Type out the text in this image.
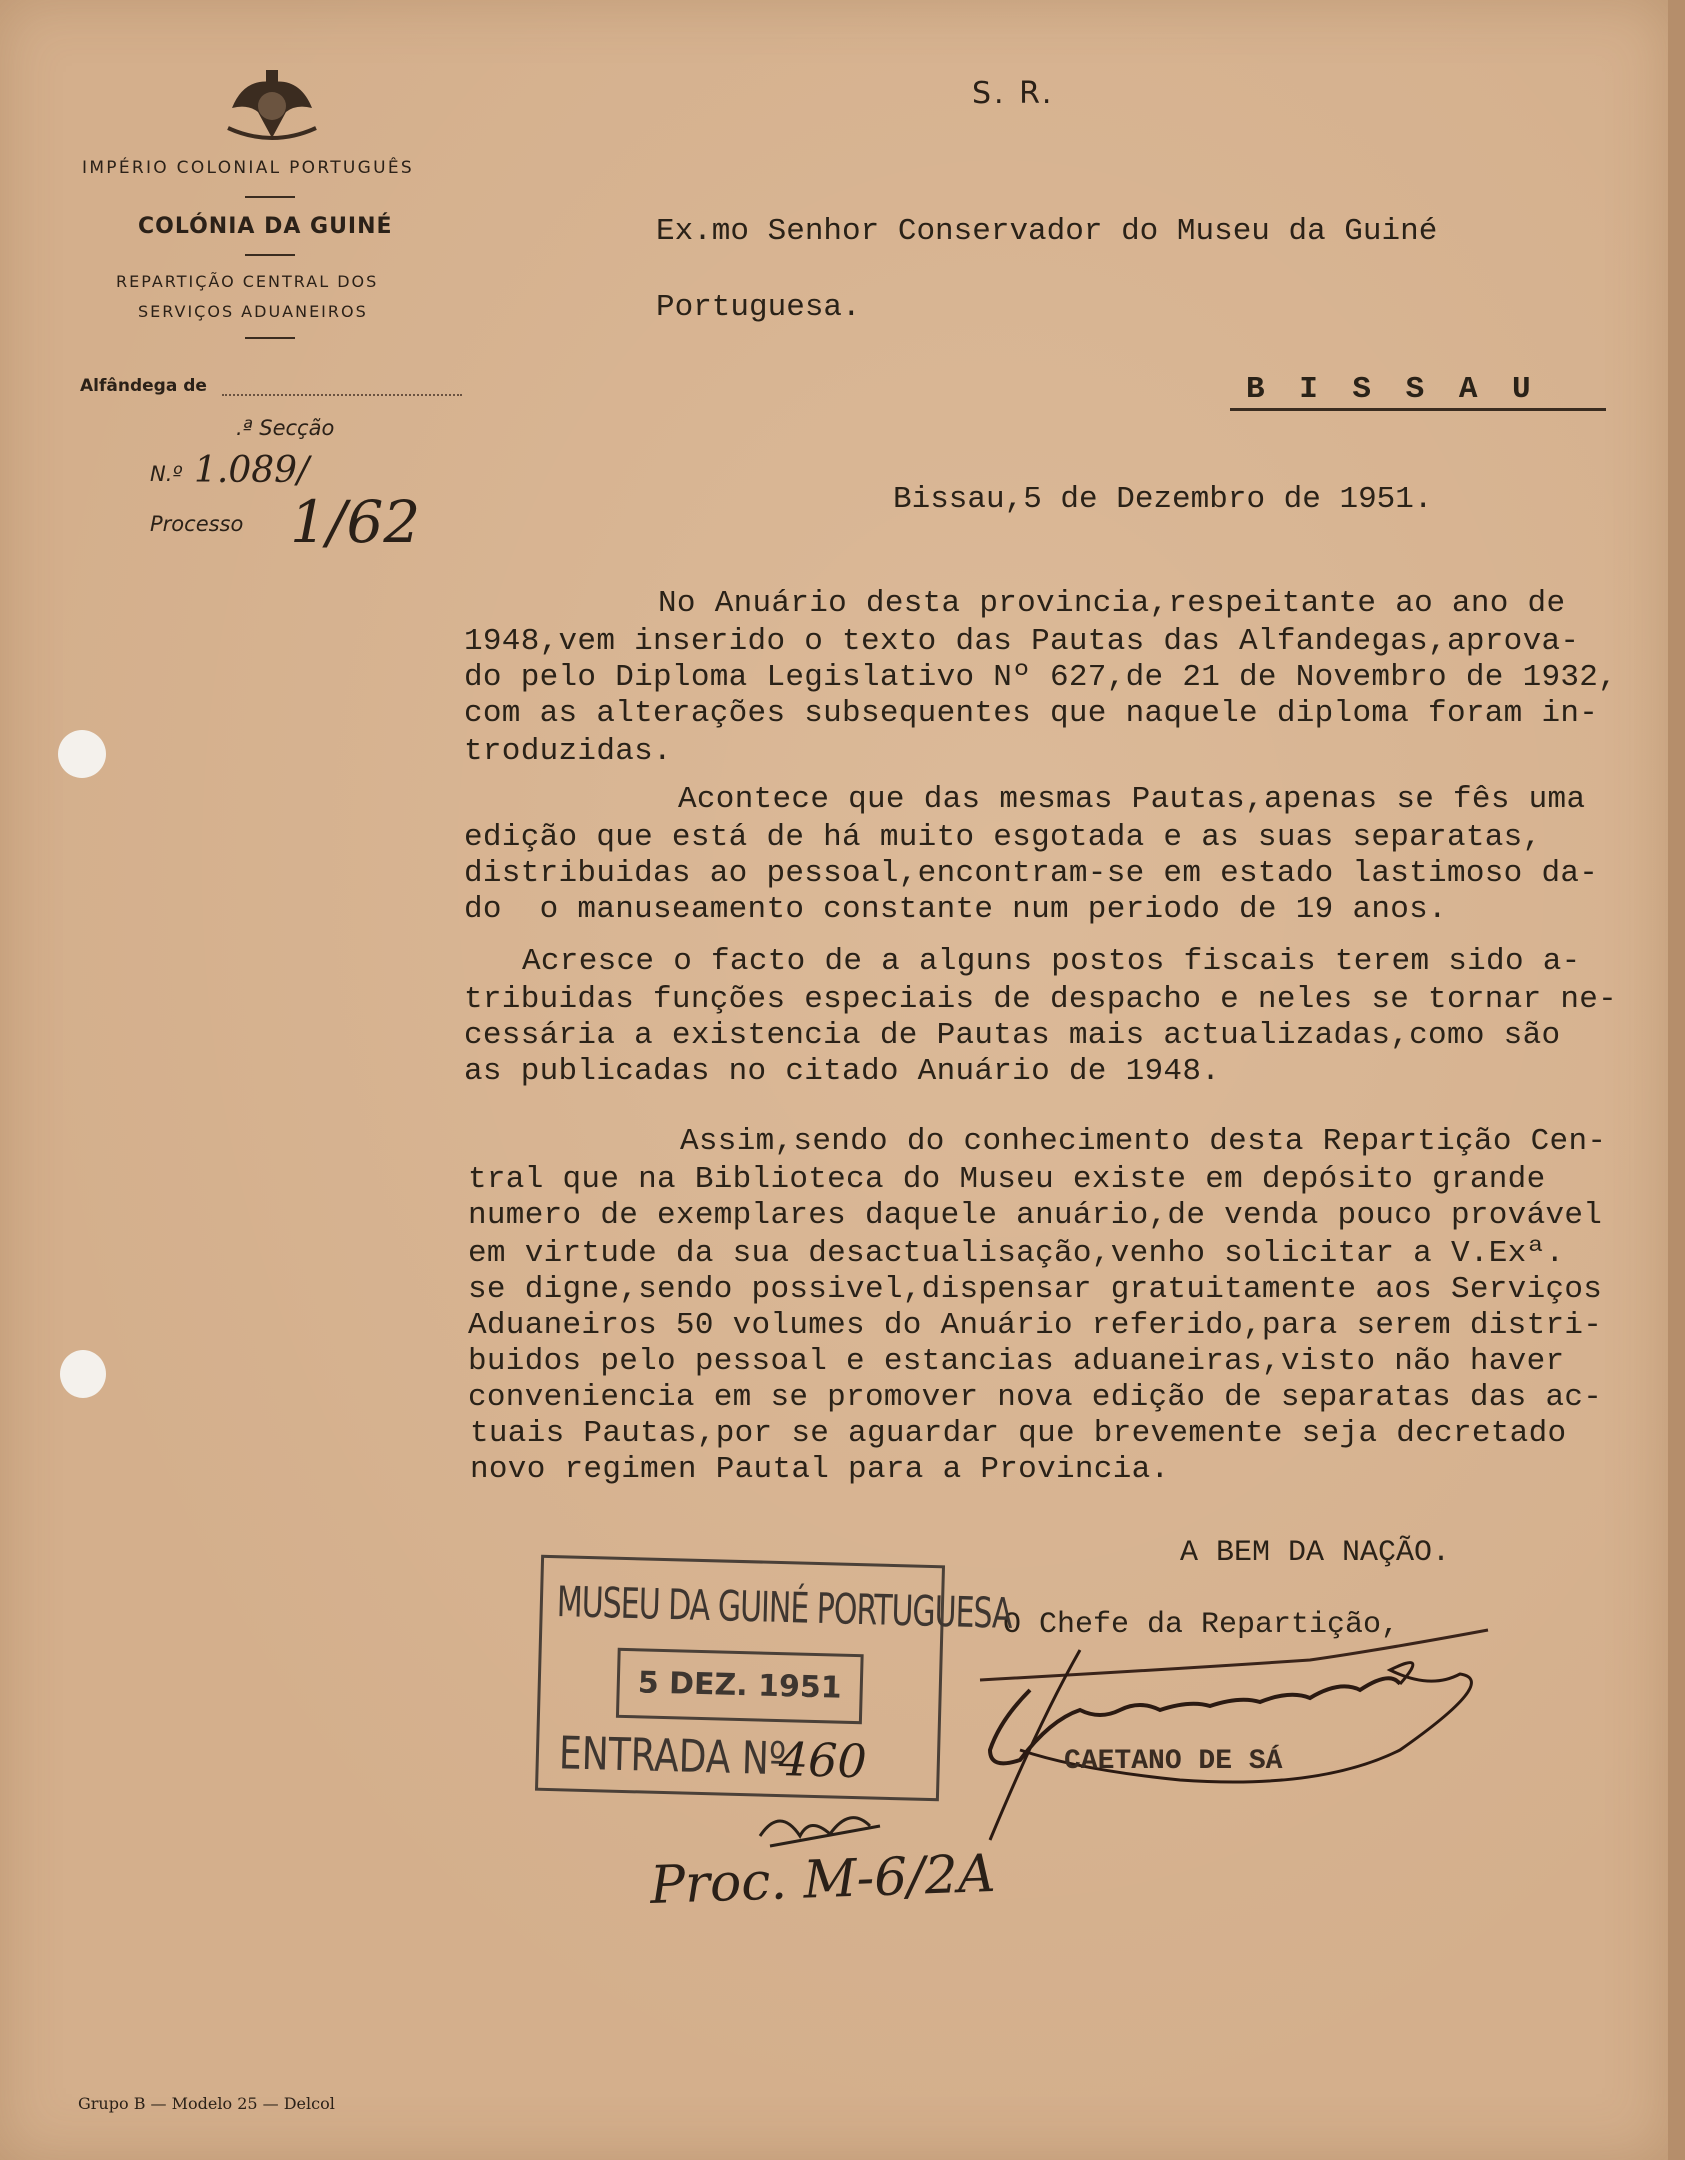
IMPÉRIO COLONIAL PORTUGUÊS
COLÓNIA DA GUINÉ
REPARTIÇÃO CENTRAL DOS
SERVIÇOS ADUANEIROS
Alfândega de
.ª Secção
N.º 1.089/
Processo 1/62
S. R.
Ex.mo Senhor Conservador do Museu da Guiné
Portuguesa.
B I S S A U
Bissau,5 de Dezembro de 1951.
No Anuário desta provincia,respeitante ao ano de
1948,vem inserido o texto das Pautas das Alfandegas,aprova-
do pelo Diploma Legislativo Nº 627,de 21 de Novembro de 1932,
com as alterações subsequentes que naquele diploma foram in-
troduzidas.
Acontece que das mesmas Pautas,apenas se fês uma
edição que está de há muito esgotada e as suas separatas,
distribuidas ao pessoal,encontram-se em estado lastimoso da-
do  o manuseamento constante num periodo de 19 anos.
Acresce o facto de a alguns postos fiscais terem sido a-
tribuidas funções especiais de despacho e neles se tornar ne-
cessária a existencia de Pautas mais actualizadas,como são
as publicadas no citado Anuário de 1948.
Assim,sendo do conhecimento desta Repartição Cen-
tral que na Biblioteca do Museu existe em depósito grande
numero de exemplares daquele anuário,de venda pouco provável
em virtude da sua desactualisação,venho solicitar a V.Exª.
se digne,sendo possivel,dispensar gratuitamente aos Serviços
Aduaneiros 50 volumes do Anuário referido,para serem distri-
buidos pelo pessoal e estancias aduaneiras,visto não haver
conveniencia em se promover nova edição de separatas das ac-
tuais Pautas,por se aguardar que brevemente seja decretado
novo regimen Pautal para a Provincia.
A BEM DA NAÇÃO.
O Chefe da Repartição,
CAETANO DE SÁ
MUSEU DA GUINÉ PORTUGUESA
5 DEZ. 1951
ENTRADA Nº
460
Proc. M-6/2A
Grupo B — Modelo 25 — Delcol
